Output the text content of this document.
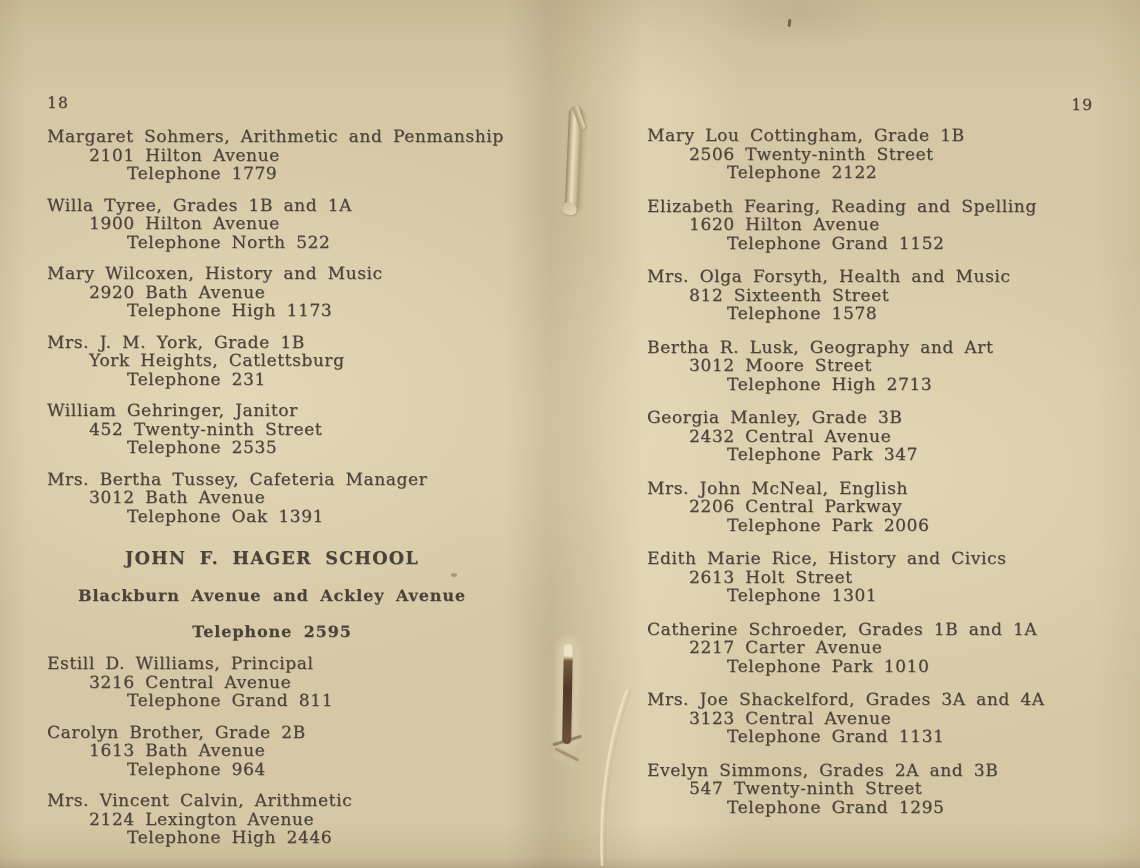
18
Margaret Sohmers, Arithmetic and Penmanship
2101 Hilton Avenue
Telephone 1779
Willa Tyree, Grades 1B and 1A
1900 Hilton Avenue
Telephone North 522
Mary Wilcoxen, History and Music
2920 Bath Avenue
Telephone High 1173
Mrs. J. M. York, Grade 1B
York Heights, Catlettsburg
Telephone 231
William Gehringer, Janitor
452 Twenty-ninth Street
Telephone 2535
Mrs. Bertha Tussey, Cafeteria Manager
3012 Bath Avenue
Telephone Oak 1391
JOHN F. HAGER SCHOOL
Blackburn Avenue and Ackley Avenue
Telephone 2595
Estill D. Williams, Principal
3216 Central Avenue
Telephone Grand 811
Carolyn Brother, Grade 2B
1613 Bath Avenue
Telephone 964
Mrs. Vincent Calvin, Arithmetic
2124 Lexington Avenue
Telephone High 2446
19
Mary Lou Cottingham, Grade 1B
2506 Twenty-ninth Street
Telephone 2122
Elizabeth Fearing, Reading and Spelling
1620 Hilton Avenue
Telephone Grand 1152
Mrs. Olga Forsyth, Health and Music
812 Sixteenth Street
Telephone 1578
Bertha R. Lusk, Geography and Art
3012 Moore Street
Telephone High 2713
Georgia Manley, Grade 3B
2432 Central Avenue
Telephone Park 347
Mrs. John McNeal, English
2206 Central Parkway
Telephone Park 2006
Edith Marie Rice, History and Civics
2613 Holt Street
Telephone 1301
Catherine Schroeder, Grades 1B and 1A
2217 Carter Avenue
Telephone Park 1010
Mrs. Joe Shackelford, Grades 3A and 4A
3123 Central Avenue
Telephone Grand 1131
Evelyn Simmons, Grades 2A and 3B
547 Twenty-ninth Street
Telephone Grand 1295
